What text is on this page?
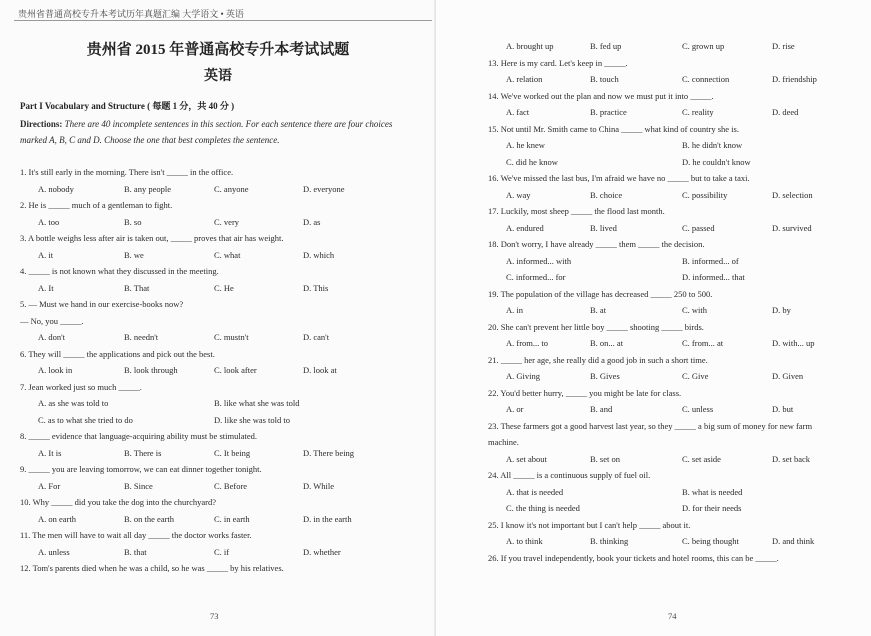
贵州省普通高校专升本考试历年真题汇编 大学语文 • 英语
贵州省 2015 年普通高校专升本考试试题
英语
Part I Vocabulary and Structure ( 每题 1 分，共 40 分 )
Directions: There are 40 incomplete sentences in this section. For each sentence there are four choices marked A, B, C and D. Choose the one that best completes the sentence.
1. It's still early in the morning. There isn't _____ in the office.
A. nobody	B. any people	C. anyone	D. everyone
2. He is _____ much of a gentleman to fight.
A. too	B. so	C. very	D. as
3. A bottle weighs less after air is taken out, _____ proves that air has weight.
A. it	B. we	C. what	D. which
4. _____ is not known what they discussed in the meeting.
A. It	B. That	C. He	D. This
5. — Must we hand in our exercise-books now?
— No, you _____.
A. don't	B. needn't	C. mustn't	D. can't
6. They will _____ the applications and pick out the best.
A. look in	B. look through	C. look after	D. look at
7. Jean worked just so much _____.
A. as she was told to	B. like what she was told
C. as to what she tried to do	D. like she was told to
8. _____ evidence that language-acquiring ability must be stimulated.
A. It is	B. There is	C. It being	D. There being
9. _____ you are leaving tomorrow, we can eat dinner together tonight.
A. For	B. Since	C. Before	D. While
10. Why _____ did you take the dog into the churchyard?
A. on earth	B. on the earth	C. in earth	D. in the earth
11. The men will have to wait all day _____ the doctor works faster.
A. unless	B. that	C. if	D. whether
12. Tom's parents died when he was a child, so he was _____ by his relatives.
73
A. brought up	B. fed up	C. grown up	D. rise
13. Here is my card. Let's keep in _____.
A. relation	B. touch	C. connection	D. friendship
14. We've worked out the plan and now we must put it into _____.
A. fact	B. practice	C. reality	D. deed
15. Not until Mr. Smith came to China _____ what kind of country she is.
A. he knew	B. he didn't know
C. did he know	D. he couldn't know
16. We've missed the last bus, I'm afraid we have no _____ but to take a taxi.
A. way	B. choice	C. possibility	D. selection
17. Luckily, most sheep _____ the flood last month.
A. endured	B. lived	C. passed	D. survived
18. Don't worry, I have already _____ them _____ the decision.
A. informed... with	B. informed... of
C. informed... for	D. informed... that
19. The population of the village has decreased _____ 250 to 500.
A. in	B. at	C. with	D. by
20. She can't prevent her little boy _____ shooting _____ birds.
A. from... to	B. on... at	C. from... at	D. with... up
21. _____ her age, she really did a good job in such a short time.
A. Giving	B. Gives	C. Give	D. Given
22. You'd better hurry, _____ you might be late for class.
A. or	B. and	C. unless	D. but
23. These farmers got a good harvest last year, so they _____ a big sum of money for new farm
machine.
A. set about	B. set on	C. set aside	D. set back
24. All _____ is a continuous supply of fuel oil.
A. that is needed	B. what is needed
C. the thing is needed	D. for their needs
25. I know it's not important but I can't help _____ about it.
A. to think	B. thinking	C. being thought	D. and think
26. If you travel independently, book your tickets and hotel rooms, this can be _____.
74
